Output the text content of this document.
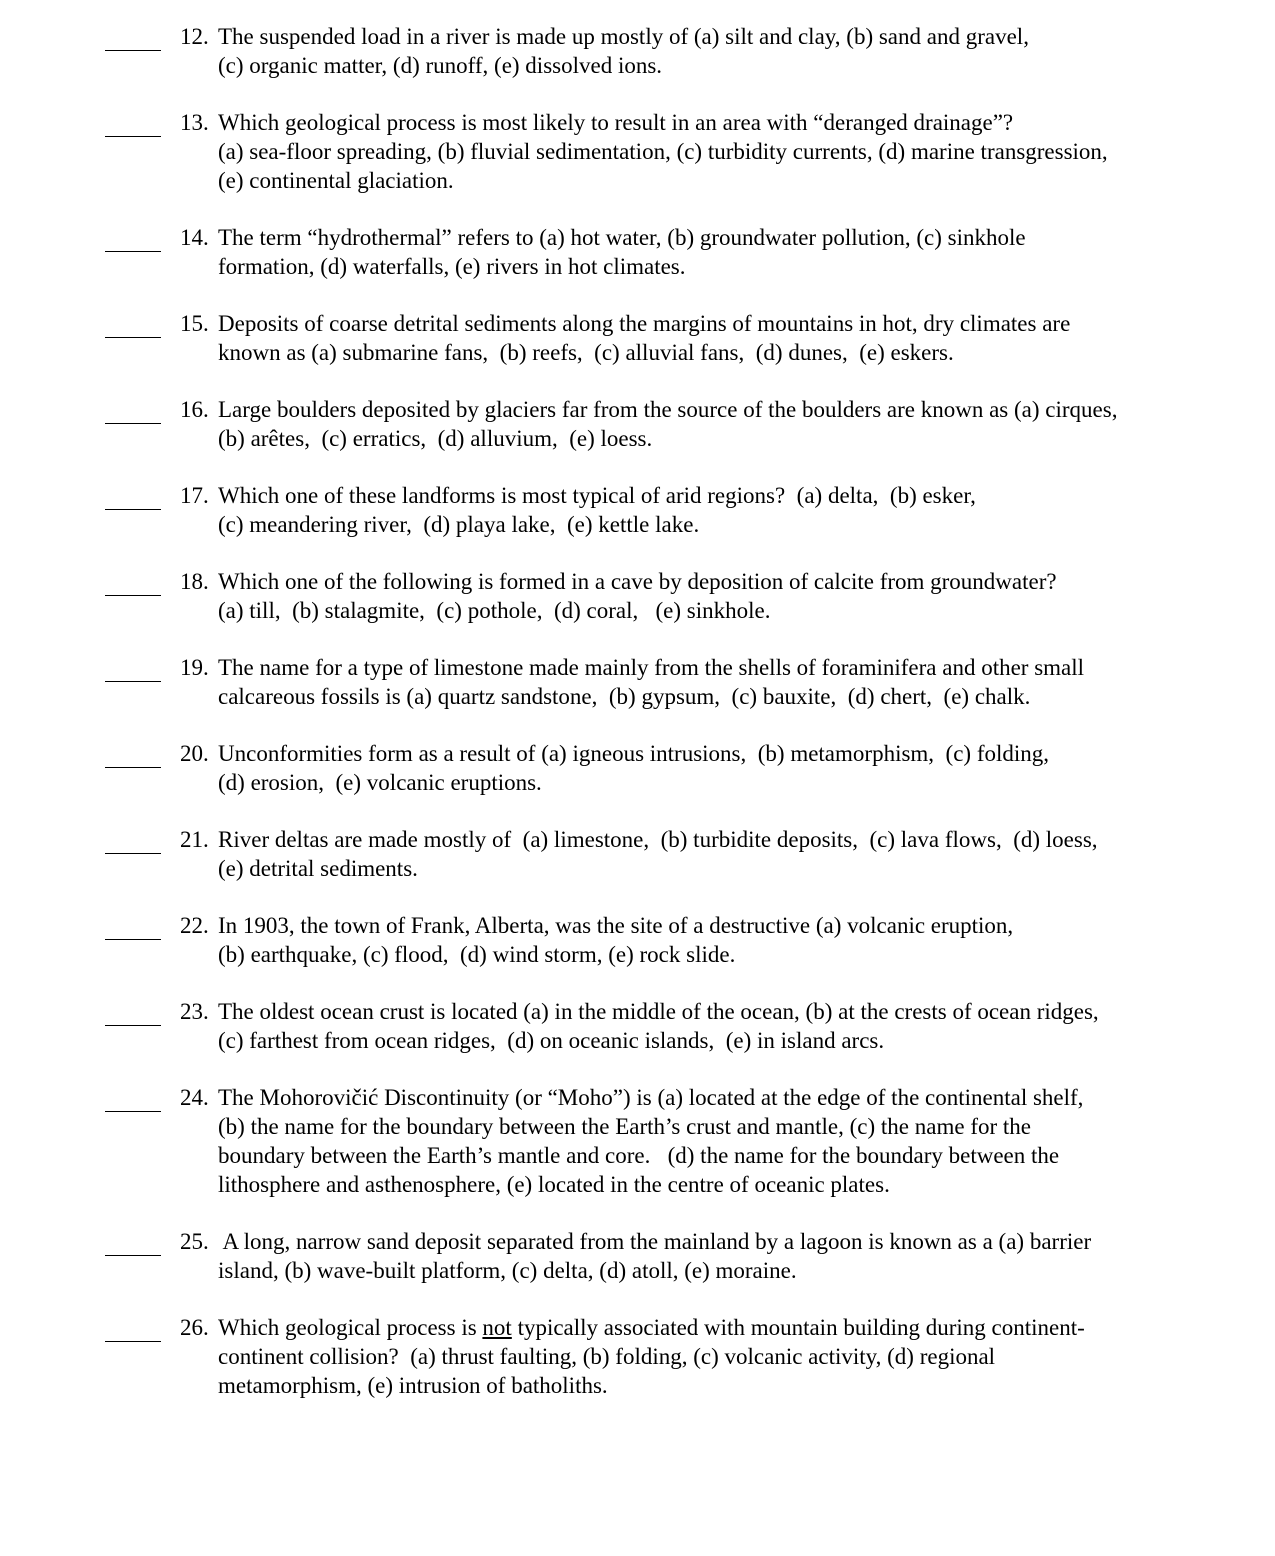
12. The suspended load in a river is made up mostly of (a) silt and clay, (b) sand and gravel,
(c) organic matter, (d) runoff, (e) dissolved ions.
13. Which geological process is most likely to result in an area with “deranged drainage”?
(a) sea-floor spreading, (b) fluvial sedimentation, (c) turbidity currents, (d) marine transgression,
(e) continental glaciation.
14. The term “hydrothermal” refers to (a) hot water, (b) groundwater pollution, (c) sinkhole
formation, (d) waterfalls, (e) rivers in hot climates.
15. Deposits of coarse detrital sediments along the margins of mountains in hot, dry climates are
known as (a) submarine fans,  (b) reefs,  (c) alluvial fans,  (d) dunes,  (e) eskers.
16. Large boulders deposited by glaciers far from the source of the boulders are known as (a) cirques,
(b) arêtes,  (c) erratics,  (d) alluvium,  (e) loess.
17. Which one of these landforms is most typical of arid regions?  (a) delta,  (b) esker,
(c) meandering river,  (d) playa lake,  (e) kettle lake.
18. Which one of the following is formed in a cave by deposition of calcite from groundwater?
(a) till,  (b) stalagmite,  (c) pothole,  (d) coral,   (e) sinkhole.
19. The name for a type of limestone made mainly from the shells of foraminifera and other small
calcareous fossils is (a) quartz sandstone,  (b) gypsum,  (c) bauxite,  (d) chert,  (e) chalk.
20. Unconformities form as a result of (a) igneous intrusions,  (b) metamorphism,  (c) folding,
(d) erosion,  (e) volcanic eruptions.
21. River deltas are made mostly of  (a) limestone,  (b) turbidite deposits,  (c) lava flows,  (d) loess,
(e) detrital sediments.
22. In 1903, the town of Frank, Alberta, was the site of a destructive (a) volcanic eruption,
(b) earthquake, (c) flood,  (d) wind storm, (e) rock slide.
23. The oldest ocean crust is located (a) in the middle of the ocean, (b) at the crests of ocean ridges,
(c) farthest from ocean ridges,  (d) on oceanic islands,  (e) in island arcs.
24. The Mohorovičić Discontinuity (or “Moho”) is (a) located at the edge of the continental shelf,
(b) the name for the boundary between the Earth’s crust and mantle, (c) the name for the
boundary between the Earth’s mantle and core.   (d) the name for the boundary between the
lithosphere and asthenosphere, (e) located in the centre of oceanic plates.
25. A long, narrow sand deposit separated from the mainland by a lagoon is known as a (a) barrier
island, (b) wave-built platform, (c) delta, (d) atoll, (e) moraine.
26. Which geological process is not typically associated with mountain building during continent-
continent collision?  (a) thrust faulting, (b) folding, (c) volcanic activity, (d) regional
metamorphism, (e) intrusion of batholiths.
